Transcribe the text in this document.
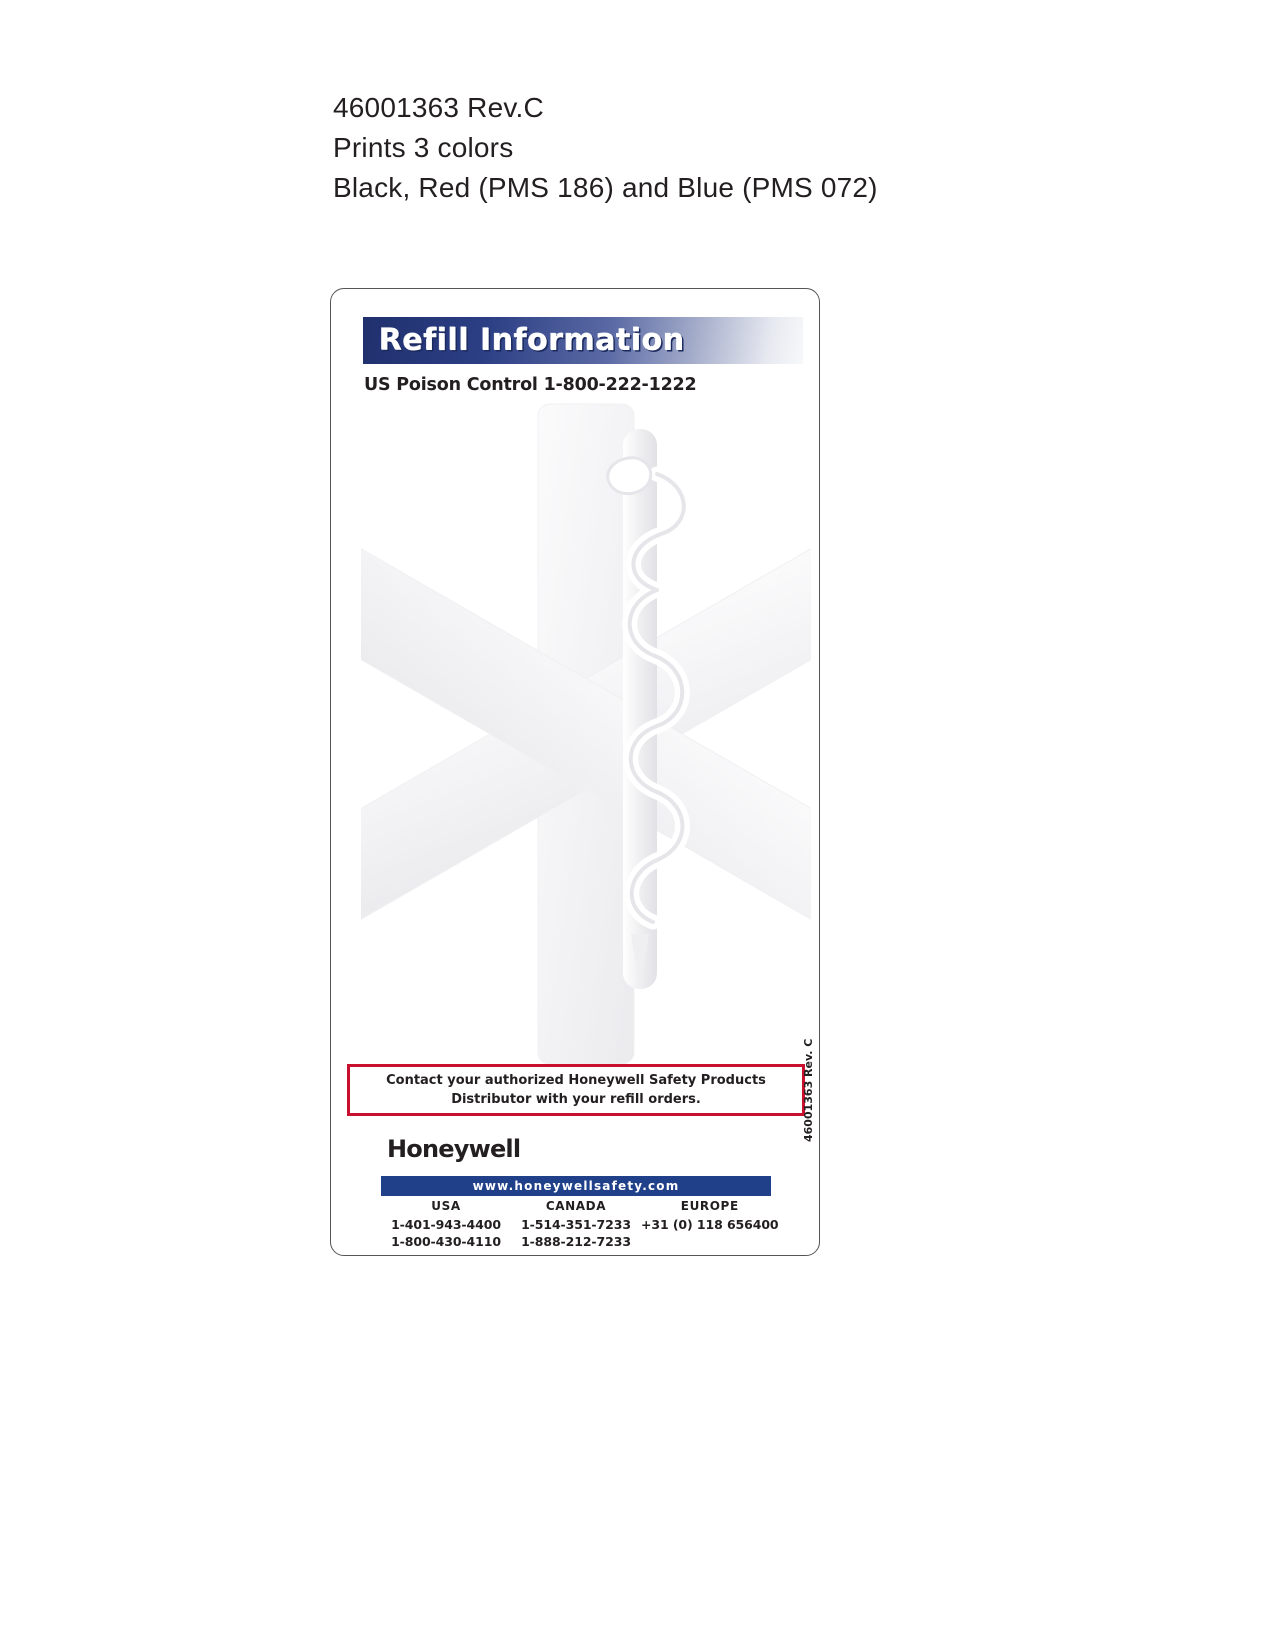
46001363 Rev.C
Prints 3 colors
Black, Red (PMS 186) and Blue (PMS 072)
Refill Information
US Poison Control 1-800-222-1222
Contact your authorized Honeywell Safety Products
Distributor with your refill orders.
Honeywell
www.honeywellsafety.com
USA
1-401-943-4400
1-800-430-4110
CANADA
1-514-351-7233
1-888-212-7233
EUROPE
+31 (0) 118 656400
46001363 Rev. C
